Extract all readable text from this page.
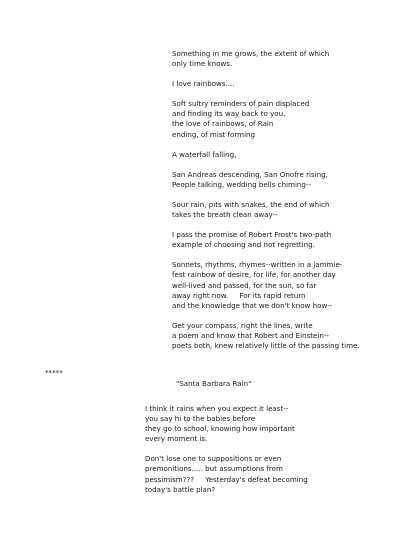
Something in me grows, the extent of which
only time knows.
I love rainbows....
Soft sultry reminders of pain displaced
and finding its way back to you,
the love of rainbows, of Rain
ending, of mist forming
A waterfall falling,
San Andreas descending, San Onofre rising,
People talking, wedding bells chiming--
Sour rain, pits with snakes, the end of which
takes the breath clean away--
I pass the promise of Robert Frost's two-path
example of choosing and not regretting.
Sonnets, rhythms, rhymes--written in a jammie-
fest rainbow of desire, for life, for another day
well-lived and passed, for the sun, so far
away right now.     For its rapid return
and the knowledge that we don't know how--
Get your compass, right the lines, write
a poem and know that Robert and Einstein--
poets both, knew relatively little of the passing time.
*****
"Santa Barbara Rain"
I think it rains when you expect it least--
you say hi to the babies before
they go to school, knowing how important
every moment is.
Don't lose one to suppositions or even
premonitions..... but assumptions from
pessimism???     Yesterday's defeat becoming
today's battle plan?
